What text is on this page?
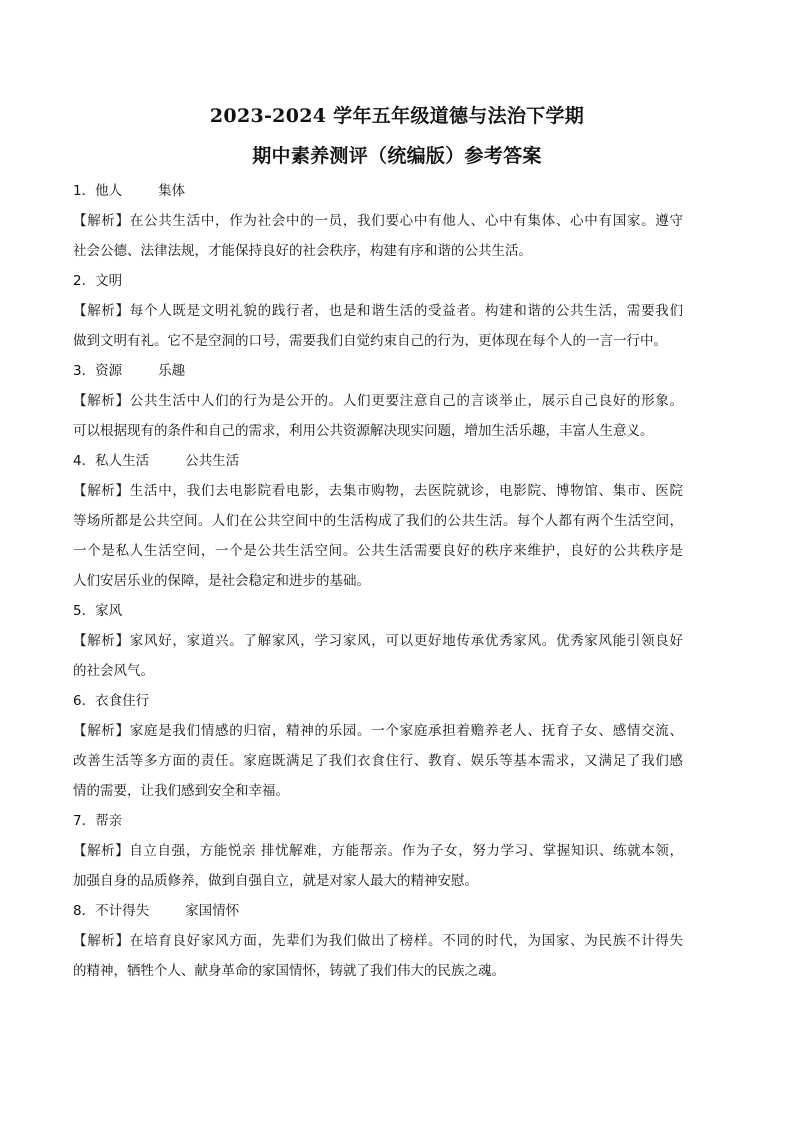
2023-2024 学年五年级道德与法治下学期
期中素养测评（统编版）参考答案
1．他人	集体
【解析】在公共生活中，作为社会中的一员，我们要心中有他人、心中有集体、心中有国家。遵守
社会公德、法律法规，才能保持良好的社会秩序，构建有序和谐的公共生活。
2．文明
【解析】每个人既是文明礼貌的践行者，也是和谐生活的受益者。构建和谐的公共生活，需要我们
做到文明有礼。它不是空洞的口号，需要我们自觉约束自己的行为，更体现在每个人的一言一行中。
3．资源	乐趣
【解析】公共生活中人们的行为是公开的。人们更要注意自己的言谈举止，展示自己良好的形象。
可以根据现有的条件和自己的需求，利用公共资源解决现实问题，增加生活乐趣，丰富人生意义。
4．私人生活	公共生活
【解析】生活中，我们去电影院看电影，去集市购物，去医院就诊，电影院、博物馆、集市、医院
等场所都是公共空间。人们在公共空间中的生活构成了我们的公共生活。每个人都有两个生活空间，
一个是私人生活空间，一个是公共生活空间。公共生活需要良好的秩序来维护，良好的公共秩序是
人们安居乐业的保障，是社会稳定和进步的基础。
5．家风
【解析】家风好，家道兴。了解家风，学习家风，可以更好地传承优秀家风。优秀家风能引领良好
的社会风气。
6．衣食住行
【解析】家庭是我们情感的归宿，精神的乐园。一个家庭承担着赡养老人、抚育子女、感情交流、
改善生活等多方面的责任。家庭既满足了我们衣食住行、教育、娱乐等基本需求，又满足了我们感
情的需要，让我们感到安全和幸福。
7．帮亲
【解析】自立自强，方能悦亲 排忧解难，方能帮亲。作为子女，努力学习、掌握知识、练就本领，
加强自身的品质修养，做到自强自立，就是对家人最大的精神安慰。
8．不计得失	家国情怀
【解析】在培育良好家风方面，先辈们为我们做出了榜样。不同的时代，为国家、为民族不计得失
的精神，牺牲个人、献身革命的家国情怀，铸就了我们伟大的民族之魂。
